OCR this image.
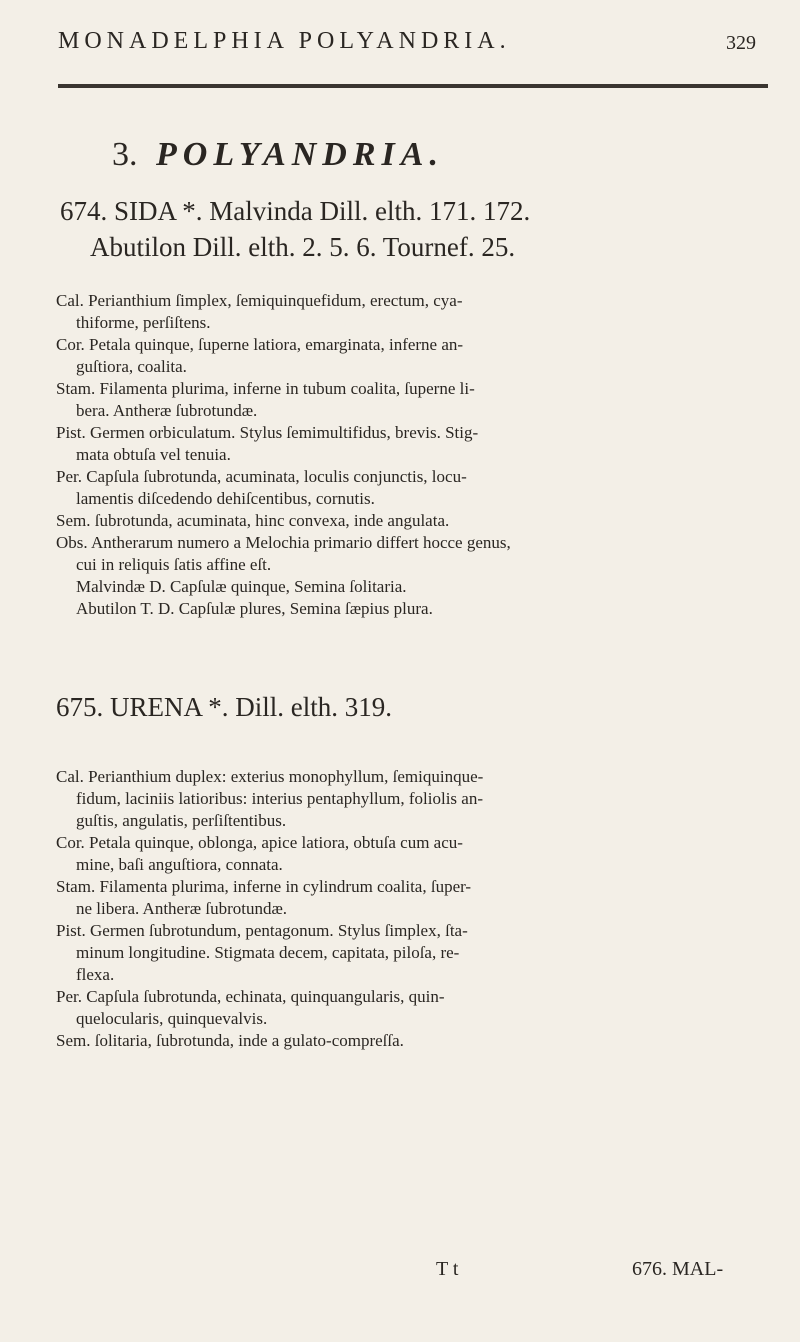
MONADELPHIA POLYANDRIA.	329
3. POLYANDRIA.
674. SIDA *. Malvinda Dill. elth. 171. 172.
Abutilon Dill. elth. 2. 5. 6. Tournef. 25.
Cal. Perianthium ſimplex, ſemiquinquefidum, erectum, cya-
thiforme, perſiſtens.
Cor. Petala quinque, ſuperne latiora, emarginata, inferne an-
guſtiora, coalita.
Stam. Filamenta plurima, inferne in tubum coalita, ſuperne li-
bera. Antheræ ſubrotundæ.
Pist. Germen orbiculatum. Stylus ſemimultifidus, brevis. Stig-
mata obtuſa vel tenuia.
Per. Capſula ſubrotunda, acuminata, loculis conjunctis, locu-
lamentis diſcedendo dehiſcentibus, cornutis.
Sem. ſubrotunda, acuminata, hinc convexa, inde angulata.
Obs. Antherarum numero a Melochia primario differt hocce genus,
cui in reliquis ſatis affine eſt.
Malvindæ D. Capſulæ quinque, Semina ſolitaria.
Abutilon T. D. Capſulæ plures, Semina ſæpius plura.
675. URENA *. Dill. elth. 319.
Cal. Perianthium duplex: exterius monophyllum, ſemiquinque-
fidum, laciniis latioribus: interius pentaphyllum, foliolis an-
guſtis, angulatis, perſiſtentibus.
Cor. Petala quinque, oblonga, apice latiora, obtuſa cum acu-
mine, baſi anguſtiora, connata.
Stam. Filamenta plurima, inferne in cylindrum coalita, ſuper-
ne libera. Antheræ ſubrotundæ.
Pist. Germen ſubrotundum, pentagonum. Stylus ſimplex, ſta-
minum longitudine. Stigmata decem, capitata, piloſa, re-
flexa.
Per. Capſula ſubrotunda, echinata, quinquangularis, quin-
quelocularis, quinquevalvis.
Sem. ſolitaria, ſubrotunda, inde a gulato-compreſſa.
T t	676. MAL-
